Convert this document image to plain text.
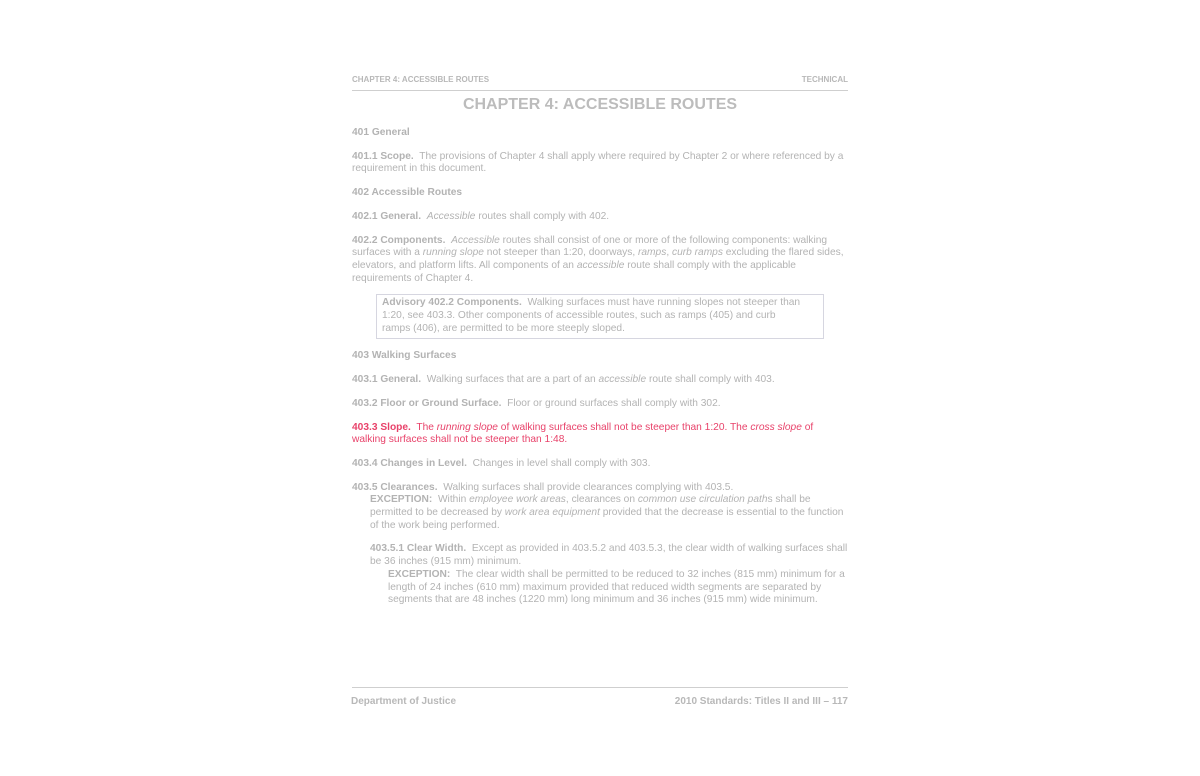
CHAPTER 4: ACCESSIBLE ROUTES	TECHNICAL
CHAPTER 4: ACCESSIBLE ROUTES

401 General

401.1 Scope. The provisions of Chapter 4 shall apply where required by Chapter 2 or where referenced by a requirement in this document.

402 Accessible Routes

402.1 General. Accessible routes shall comply with 402.

402.2 Components. Accessible routes shall consist of one or more of the following components: walking surfaces with a running slope not steeper than 1:20, doorways, ramps, curb ramps excluding the flared sides, elevators, and platform lifts. All components of an accessible route shall comply with the applicable requirements of Chapter 4.

Advisory 402.2 Components. Walking surfaces must have running slopes not steeper than 1:20, see 403.3. Other components of accessible routes, such as ramps (405) and curb ramps (406), are permitted to be more steeply sloped.

403 Walking Surfaces

403.1 General. Walking surfaces that are a part of an accessible route shall comply with 403.

403.2 Floor or Ground Surface. Floor or ground surfaces shall comply with 302.

403.3 Slope. The running slope of walking surfaces shall not be steeper than 1:20. The cross slope of walking surfaces shall not be steeper than 1:48.

403.4 Changes in Level. Changes in level shall comply with 303.

403.5 Clearances. Walking surfaces shall provide clearances complying with 403.5.

EXCEPTION: Within employee work areas, clearances on common use circulation paths shall be permitted to be decreased by work area equipment provided that the decrease is essential to the function of the work being performed.

403.5.1 Clear Width. Except as provided in 403.5.2 and 403.5.3, the clear width of walking surfaces shall be 36 inches (915 mm) minimum.

EXCEPTION: The clear width shall be permitted to be reduced to 32 inches (815 mm) minimum for a length of 24 inches (610 mm) maximum provided that reduced width segments are separated by segments that are 48 inches (1220 mm) long minimum and 36 inches (915 mm) wide minimum.

Department of Justice	2010 Standards: Titles II and III – 117
